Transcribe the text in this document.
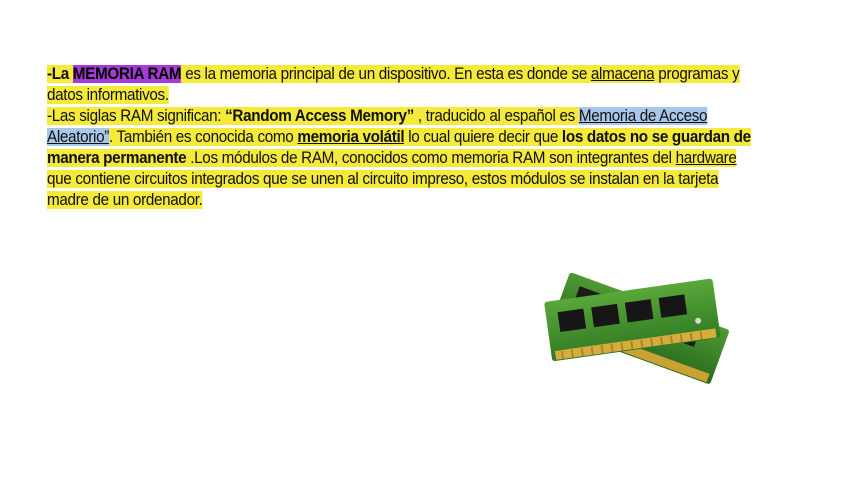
-La MEMORIA RAM es la memoria principal de un dispositivo. En esta es donde se almacena programas y datos informativos.

-Las siglas RAM significan: “Random Access Memory” , traducido al español es Memoria de Acceso Aleatorio”. También es conocida como memoria volátil lo cual quiere decir que los datos no se guardan de manera permanente .Los módulos de RAM, conocidos como memoria RAM son integrantes del hardware que contiene circuitos integrados que se unen al circuito impreso, estos módulos se instalan en la tarjeta madre de un ordenador.
